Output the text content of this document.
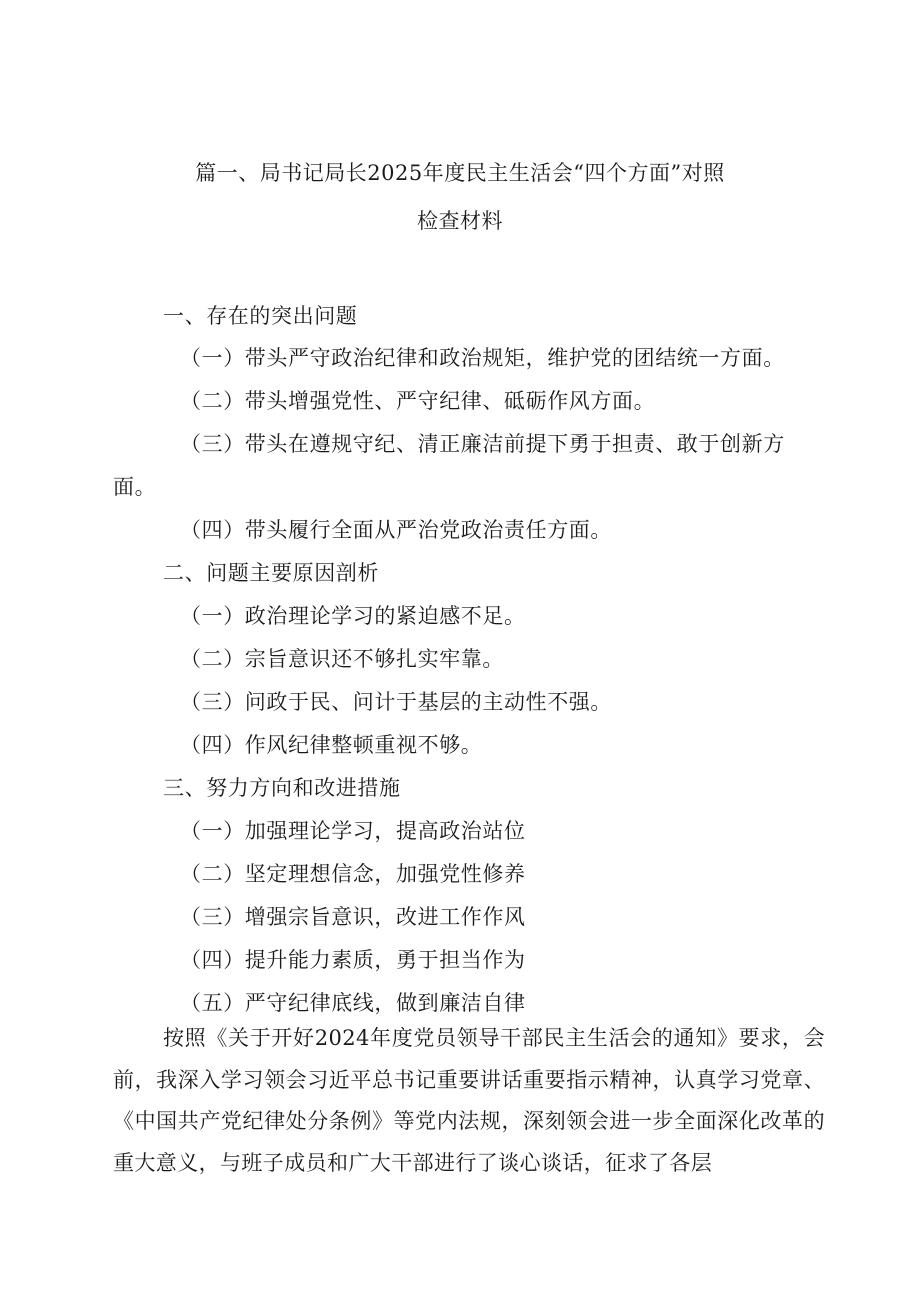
篇一、局书记局长2025年度民主生活会“四个方面”对照
检查材料
一、存在的突出问题
（一）带头严守政治纪律和政治规矩，维护党的团结统一方面。
（二）带头增强党性、严守纪律、砥砺作风方面。
（三）带头在遵规守纪、清正廉洁前提下勇于担责、敢于创新方
面。
（四）带头履行全面从严治党政治责任方面。
二、问题主要原因剖析
（一）政治理论学习的紧迫感不足。
（二）宗旨意识还不够扎实牢靠。
（三）问政于民、问计于基层的主动性不强。
（四）作风纪律整顿重视不够。
三、努力方向和改进措施
（一）加强理论学习，提高政治站位
（二）坚定理想信念，加强党性修养
（三）增强宗旨意识，改进工作作风
（四）提升能力素质，勇于担当作为
（五）严守纪律底线，做到廉洁自律
按照《关于开好2024年度党员领导干部民主生活会的通知》要求，会前，我深入学习领会习近平总书记重要讲话重要指示精神，认真学习党章、《中国共产党纪律处分条例》等党内法规，深刻领会进一步全面深化改革的重大意义，与班子成员和广大干部进行了谈心谈话，征求了各层
